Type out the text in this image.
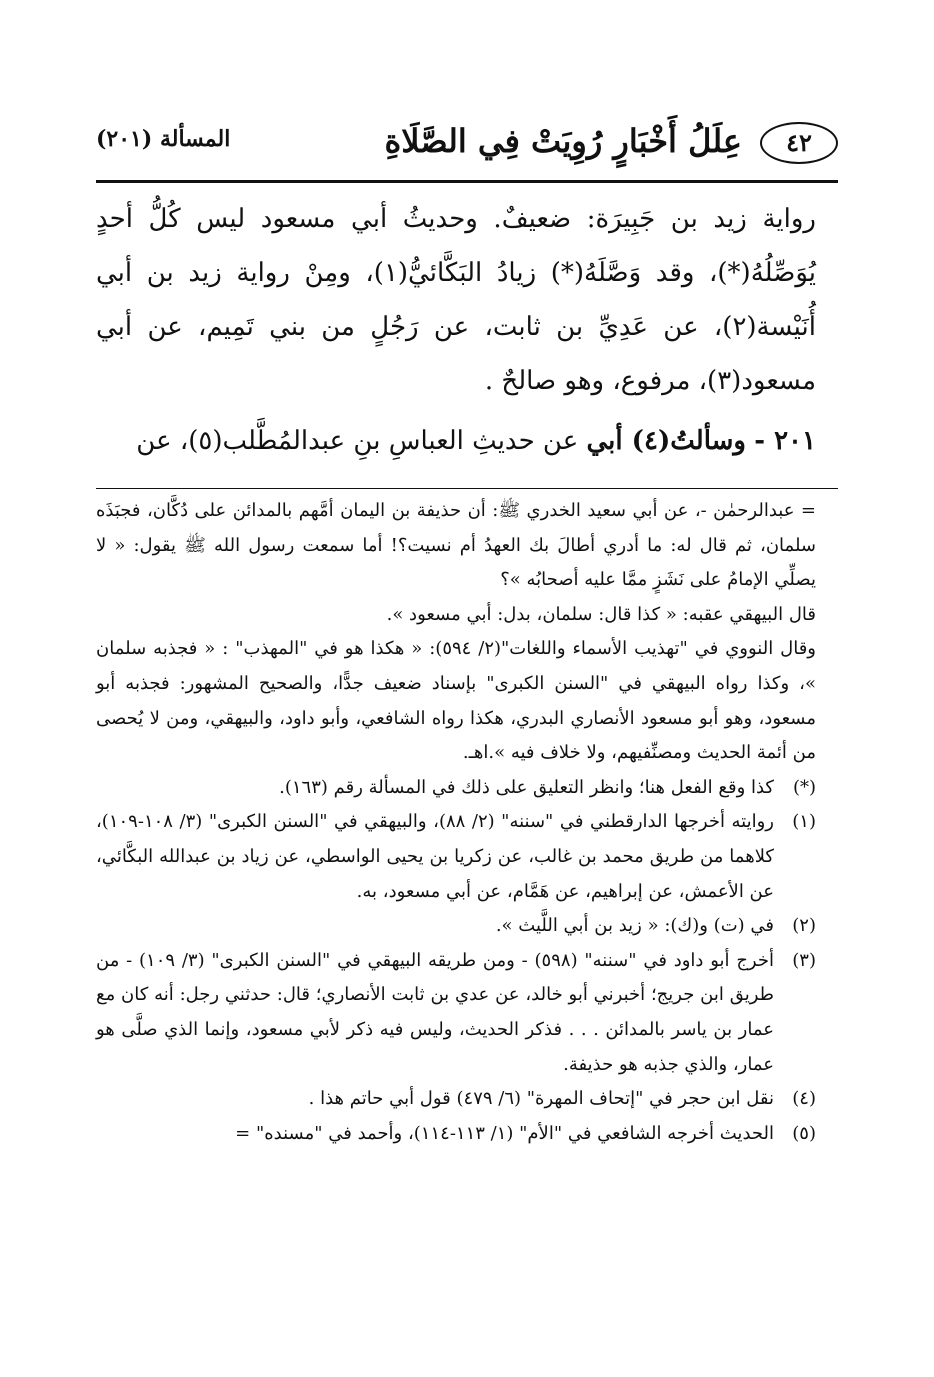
٤٢
عِلَلُ أَخْبَارٍ رُوِيَتْ فِي الصَّلَاةِ
المسألة (٢٠١)

رواية زيد بن جَبِيرَة: ضعيفٌ. وحديثُ أبي مسعود ليس كُلُّ أحدٍ يُوَصِّلُهُ(*)، وقد وَصَّلَهُ(*) زيادُ البَكَّائيُّ(١)، ومِنْ رواية زيد بن أبي أُنَيْسة(٢)، عن عَدِيِّ بن ثابت، عن رَجُلٍ من بني تَمِيم، عن أبي مسعود(٣)، مرفوع، وهو صالحٌ .

٢٠١ - وسألتُ(٤) أبي عن حديثِ العباسِ بنِ عبدالمُطَّلب(٥)، عن

= عبدالرحمٰن -، عن أبي سعيد الخدري ﷺ: أن حذيفة بن اليمان أمَّهم بالمدائن على دُكَّان، فجبَذَه سلمان، ثم قال له: ما أدري أطالَ بك العهدُ أم نسيت؟! أما سمعت رسول الله ﷺ يقول: « لا يصلِّي الإمامُ على نَشَزٍ ممَّا عليه أصحابُه »؟

قال البيهقي عقبه: « كذا قال: سلمان، بدل: أبي مسعود ».

وقال النووي في "تهذيب الأسماء واللغات"(٢/ ٥٩٤): « هكذا هو في "المهذب" : « فجذبه سلمان »، وكذا رواه البيهقي في "السنن الكبرى" بإسناد ضعيف جدًّا، والصحيح المشهور: فجذبه أبو مسعود، وهو أبو مسعود الأنصاري البدري، هكذا رواه الشافعي، وأبو داود، والبيهقي، ومن لا يُحصى من أئمة الحديث ومصنِّفيهم، ولا خلاف فيه ».اهـ.

(*)
كذا وقع الفعل هنا؛ وانظر التعليق على ذلك في المسألة رقم (١٦٣).
(١)
روايته أخرجها الدارقطني في "سننه" (٢/ ٨٨)، والبيهقي في "السنن الكبرى" (٣/ ١٠٨-١٠٩)، كلاهما من طريق محمد بن غالب، عن زكريا بن يحيى الواسطي، عن زياد بن عبدالله البكَّائي، عن الأعمش، عن إبراهيم، عن هَمَّام، عن أبي مسعود، به.
(٢)
في (ت) و(ك): « زيد بن أبي اللَّيث ».
(٣)
أخرج أبو داود في "سننه" (٥٩٨) - ومن طريقه البيهقي في "السنن الكبرى" (٣/ ١٠٩) - من طريق ابن جريج؛ أخبرني أبو خالد، عن عدي بن ثابت الأنصاري؛ قال: حدثني رجل: أنه كان مع عمار بن ياسر بالمدائن . . . فذكر الحديث، وليس فيه ذكر لأبي مسعود، وإنما الذي صلَّى هو عمار، والذي جذبه هو حذيفة.
(٤)
نقل ابن حجر في "إتحاف المهرة" (٦/ ٤٧٩) قول أبي حاتم هذا .
(٥)
الحديث أخرجه الشافعي في "الأم" (١/ ١١٣-١١٤)، وأحمد في "مسنده" =
